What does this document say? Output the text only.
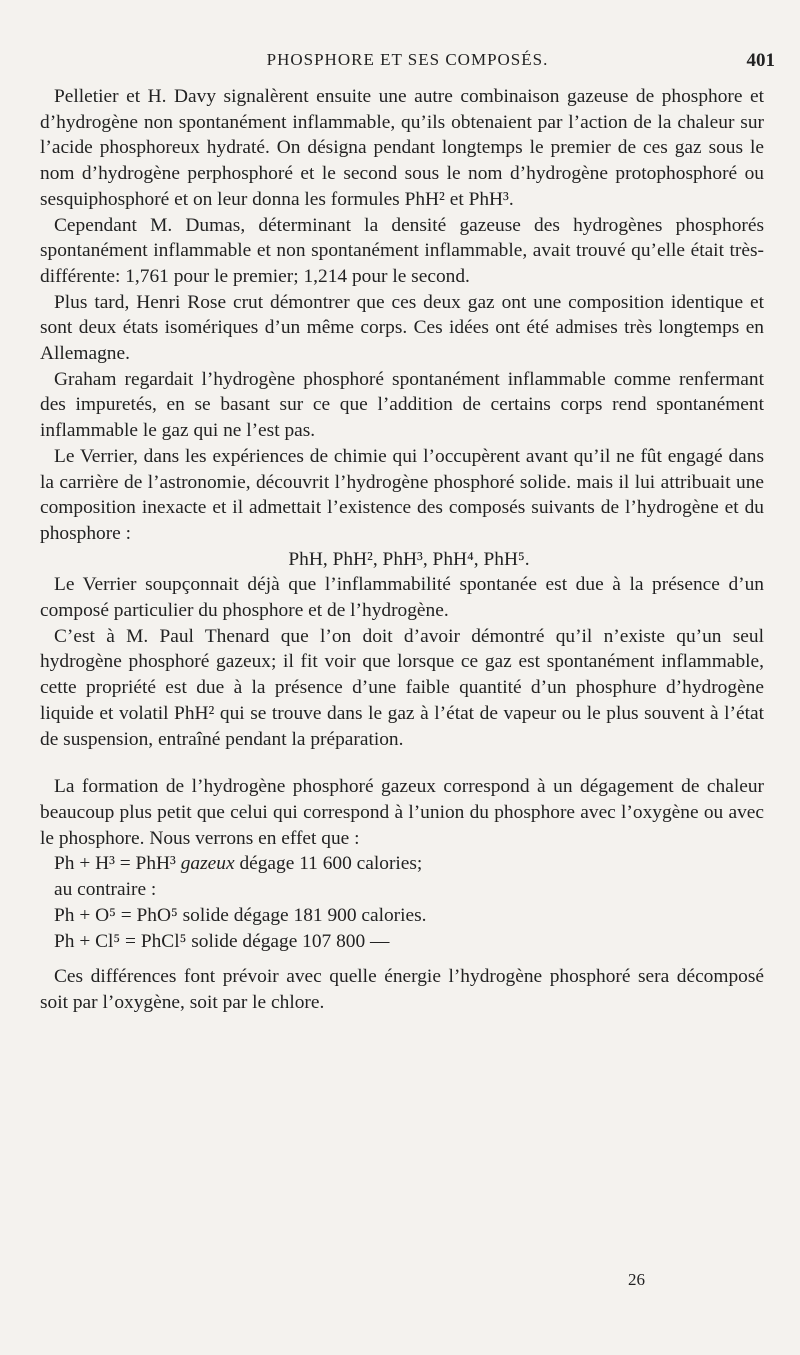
PHOSPHORE ET SES COMPOSÉS.	401

Pelletier et H. Davy signalèrent ensuite une autre combinaison gazeuse de phosphore et d’hydrogène non spontanément inflammable, qu’ils obtenaient par l’action de la chaleur sur l’acide phosphoreux hydraté. On désigna pendant longtemps le premier de ces gaz sous le nom d’hydrogène perphosphoré et le second sous le nom d’hydrogène protophosphoré ou sesquiphosphoré et on leur donna les formules PhH² et PhH³.

Cependant M. Dumas, déterminant la densité gazeuse des hydrogènes phosphorés spontanément inflammable et non spontanément inflammable, avait trouvé qu’elle était très-différente: 1,761 pour le premier; 1,214 pour le second.

Plus tard, Henri Rose crut démontrer que ces deux gaz ont une composition identique et sont deux états isomériques d’un même corps. Ces idées ont été admises très longtemps en Allemagne.

Graham regardait l’hydrogène phosphoré spontanément inflammable comme renfermant des impuretés, en se basant sur ce que l’addition de certains corps rend spontanément inflammable le gaz qui ne l’est pas.

Le Verrier, dans les expériences de chimie qui l’occupèrent avant qu’il ne fût engagé dans la carrière de l’astronomie, découvrit l’hydrogène phosphoré solide. mais il lui attribuait une composition inexacte et il admettait l’existence des composés suivants de l’hydrogène et du phosphore :

PhH, PhH², PhH³, PhH⁴, PhH⁵.

Le Verrier soupçonnait déjà que l’inflammabilité spontanée est due à la présence d’un composé particulier du phosphore et de l’hydrogène.

C’est à M. Paul Thenard que l’on doit d’avoir démontré qu’il n’existe qu’un seul hydrogène phosphoré gazeux; il fit voir que lorsque ce gaz est spontanément inflammable, cette propriété est due à la présence d’une faible quantité d’un phosphure d’hydrogène liquide et volatil PhH² qui se trouve dans le gaz à l’état de vapeur ou le plus souvent à l’état de suspension, entraîné pendant la préparation.

La formation de l’hydrogène phosphoré gazeux correspond à un dégagement de chaleur beaucoup plus petit que celui qui correspond à l’union du phosphore avec l’oxygène ou avec le phosphore. Nous verrons en effet que :

Ph + H³ = PhH³ gazeux dégage 11 600 calories;

au contraire :

Ph + O⁵ = PhO⁵ solide dégage 181 900 calories.

Ph + Cl⁵ = PhCl⁵ solide dégage 107 800 —

Ces différences font prévoir avec quelle énergie l’hydrogène phosphoré sera décomposé soit par l’oxygène, soit par le chlore.

26
